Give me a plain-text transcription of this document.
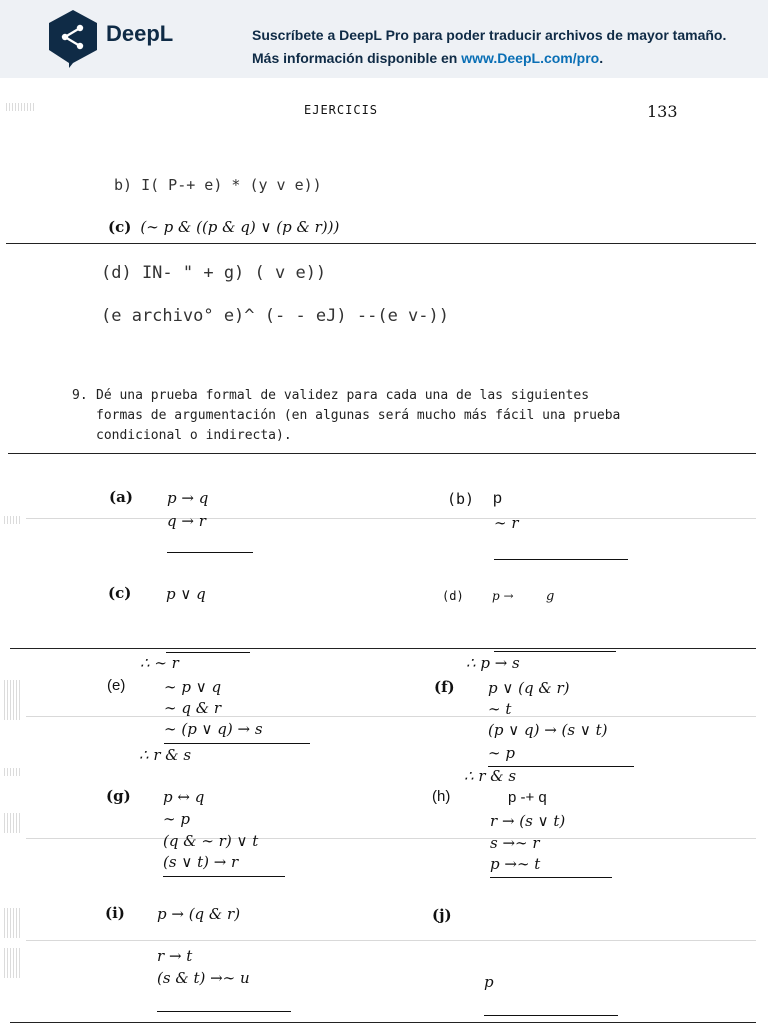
DeepL	Suscríbete a DeepL Pro para poder traducir archivos de mayor tamaño.
Más información disponible en www.DeepL.com/pro.
EJERCICIS	133
b) I( P-+ e) * (y v e))
(c) (∼ p & ((p & q) ∨ (p & r)))
(d) IN- " + g) ( v e))
(e archivo° e)^ (- - eJ) --(e v-))
9. Dé una prueba formal de validez para cada una de las siguientes
formas de argumentación (en algunas será mucho más fácil una prueba
condicional o indirecta).
(a) p → q
q → r
(b) p
∼ r
(c) p ∨ q	(d) p → g
∴ ∼ r	∴ p → s
(e)	∼ p ∨ q
∼ q & r
∼ (p ∨ q) → s
∴ r & s
(f) p ∨ (q & r)
∼ t
(p ∨ q) → (s ∨ t)
∼ p
∴ r & s
(g) p ↔ q
∼ p
(q & ∼ r) ∨ t
(s ∨ t) → r
(h)	p -+ q
r → (s ∨ t)
s →∼ r
p →∼ t
(i) p → (q & r)
r → t
(s & t) →∼ u
(j)
p
